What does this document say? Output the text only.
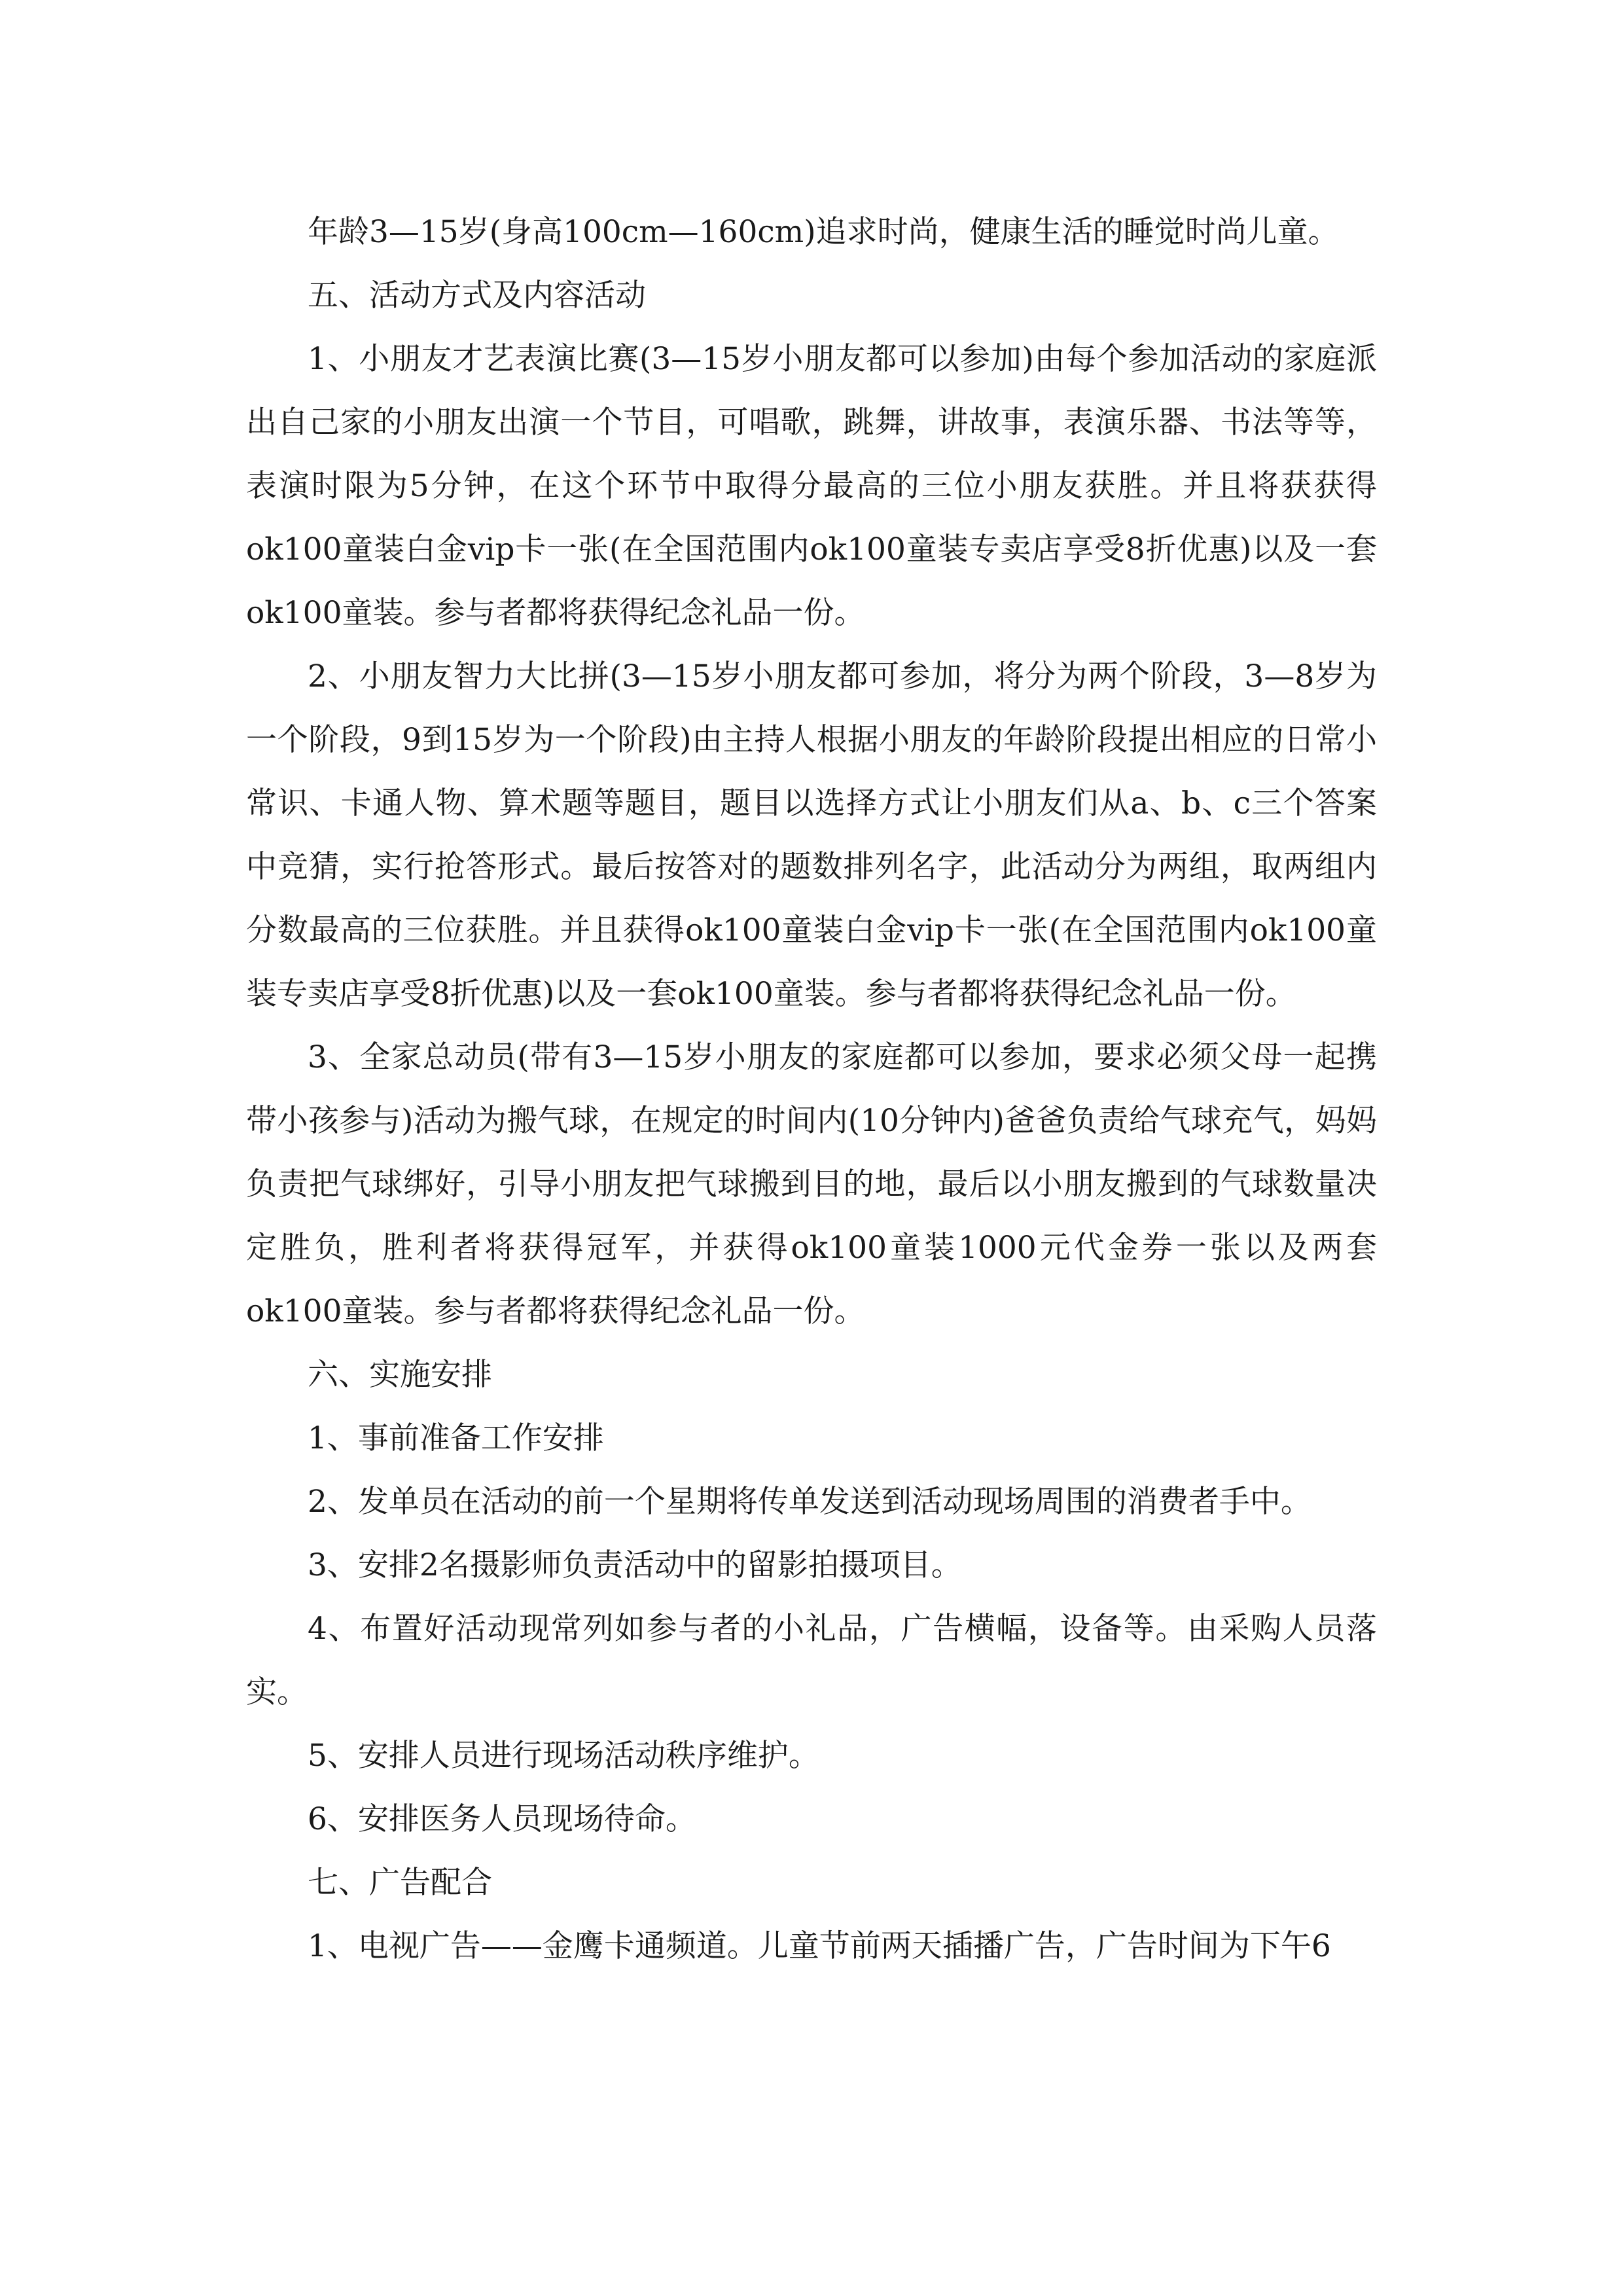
年龄3—15岁(身高100cm—160cm)追求时尚，健康生活的睡觉时尚儿童。

五、活动方式及内容活动

1、小朋友才艺表演比赛(3—15岁小朋友都可以参加)由每个参加活动的家庭派出自己家的小朋友出演一个节目，可唱歌，跳舞，讲故事，表演乐器、书法等等，表演时限为5分钟，在这个环节中取得分最高的三位小朋友获胜。并且将获获得ok100童装白金vip卡一张(在全国范围内ok100童装专卖店享受8折优惠)以及一套ok100童装。参与者都将获得纪念礼品一份。

2、小朋友智力大比拼(3—15岁小朋友都可参加，将分为两个阶段，3—8岁为一个阶段，9到15岁为一个阶段)由主持人根据小朋友的年龄阶段提出相应的日常小常识、卡通人物、算术题等题目，题目以选择方式让小朋友们从a、b、c三个答案中竞猜，实行抢答形式。最后按答对的题数排列名字，此活动分为两组，取两组内分数最高的三位获胜。并且获得ok100童装白金vip卡一张(在全国范围内ok100童装专卖店享受8折优惠)以及一套ok100童装。参与者都将获得纪念礼品一份。

3、全家总动员(带有3—15岁小朋友的家庭都可以参加，要求必须父母一起携带小孩参与)活动为搬气球，在规定的时间内(10分钟内)爸爸负责给气球充气，妈妈负责把气球绑好，引导小朋友把气球搬到目的地，最后以小朋友搬到的气球数量决定胜负，胜利者将获得冠军，并获得ok100童装1000元代金券一张以及两套ok100童装。参与者都将获得纪念礼品一份。

六、实施安排

1、事前准备工作安排

2、发单员在活动的前一个星期将传单发送到活动现场周围的消费者手中。

3、安排2名摄影师负责活动中的留影拍摄项目。

4、布置好活动现常列如参与者的小礼品，广告横幅，设备等。由采购人员落实。

5、安排人员进行现场活动秩序维护。

6、安排医务人员现场待命。

七、广告配合

1、电视广告——金鹰卡通频道。儿童节前两天插播广告，广告时间为下午6
